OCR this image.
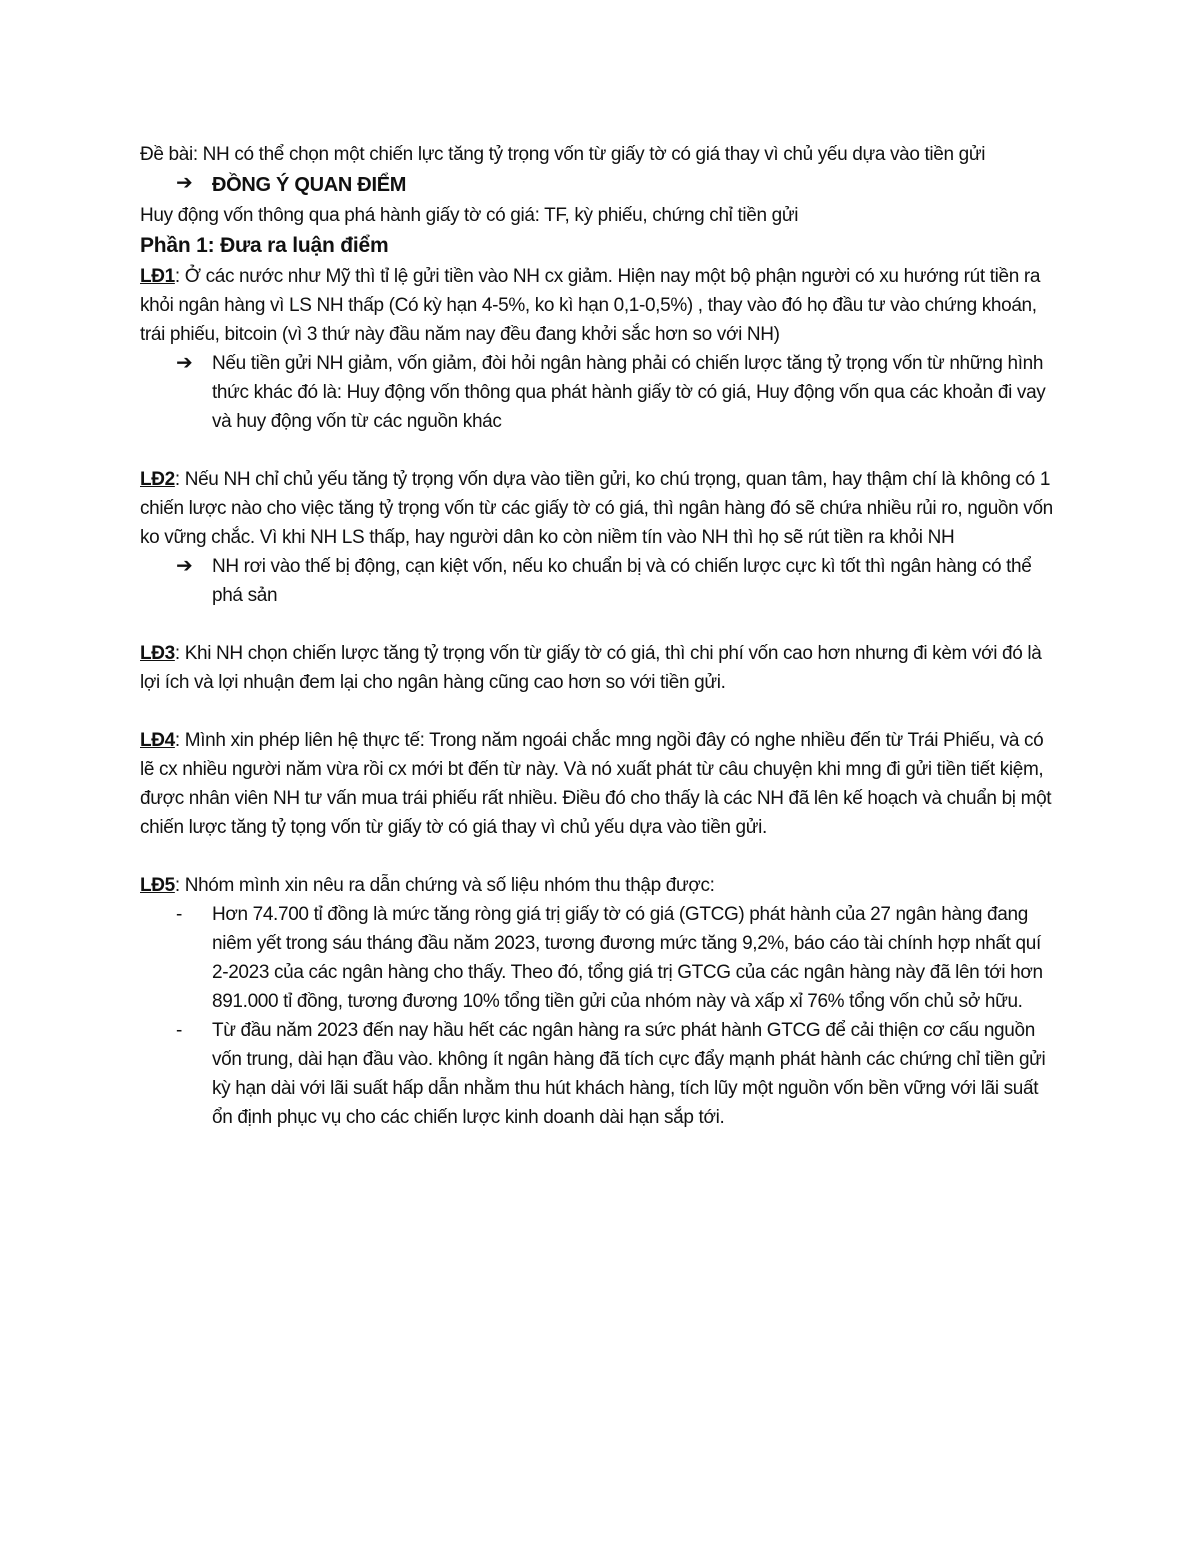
Đề bài: NH có thể chọn một chiến lực tăng tỷ trọng vốn từ giấy tờ có giá thay vì chủ yếu dựa vào tiền gửi

➔ ĐỒNG Ý QUAN ĐIỂM

Huy động vốn thông qua phá hành giấy tờ có giá: TF, kỳ phiếu, chứng chỉ tiền gửi

Phần 1: Đưa ra luận điểm

LĐ1: Ở các nước như Mỹ thì tỉ lệ gửi tiền vào NH cx giảm. Hiện nay một bộ phận người có xu hướng rút tiền ra khỏi ngân hàng vì LS NH thấp (Có kỳ hạn 4-5%, ko kì hạn 0,1-0,5%) , thay vào đó họ đầu tư vào chứng khoán, trái phiếu, bitcoin (vì 3 thứ này đầu năm nay đều đang khởi sắc hơn so với NH)

➔	Nếu tiền gửi NH giảm, vốn giảm, đòi hỏi ngân hàng phải có chiến lược tăng tỷ trọng vốn từ những hình thức khác đó là: Huy động vốn thông qua phát hành giấy tờ có giá, Huy động vốn qua các khoản đi vay và huy động vốn từ các nguồn khác

LĐ2: Nếu NH chỉ chủ yếu tăng tỷ trọng vốn dựa vào tiền gửi, ko chú trọng, quan tâm, hay thậm chí là không có 1 chiến lược nào cho việc tăng tỷ trọng vốn từ các giấy tờ có giá, thì ngân hàng đó sẽ chứa nhiều rủi ro, nguồn vốn ko vững chắc. Vì khi NH LS thấp, hay người dân ko còn niềm tín vào NH thì họ sẽ rút tiền ra khỏi NH

➔	NH rơi vào thế bị động, cạn kiệt vốn, nếu ko chuẩn bị và có chiến lược cực kì tốt thì ngân hàng có thể phá sản

LĐ3: Khi NH chọn chiến lược tăng tỷ trọng vốn từ giấy tờ có giá, thì chi phí vốn cao hơn nhưng đi kèm với đó là lợi ích và lợi nhuận đem lại cho ngân hàng cũng cao hơn so với tiền gửi.

LĐ4: Mình xin phép liên hệ thực tế: Trong năm ngoái chắc mng ngồi đây có nghe nhiều đến từ Trái Phiếu, và có lẽ cx nhiều người năm vừa rồi cx mới bt đến từ này. Và nó xuất phát từ câu chuyện khi mng đi gửi tiền tiết kiệm, được nhân viên NH tư vấn mua trái phiếu rất nhiều. Điều đó cho thấy là các NH đã lên kế hoạch và chuẩn bị một chiến lược tăng tỷ tọng vốn từ giấy tờ có giá thay vì chủ yếu dựa vào tiền gửi.

LĐ5: Nhóm mình xin nêu ra dẫn chứng và số liệu nhóm thu thập được:

-	Hơn 74.700 tỉ đồng là mức tăng ròng giá trị giấy tờ có giá (GTCG) phát hành của 27 ngân hàng đang niêm yết trong sáu tháng đầu năm 2023, tương đương mức tăng 9,2%, báo cáo tài chính hợp nhất quí 2-2023 của các ngân hàng cho thấy. Theo đó, tổng giá trị GTCG của các ngân hàng này đã lên tới hơn 891.000 tỉ đồng, tương đương 10% tổng tiền gửi của nhóm này và xấp xỉ 76% tổng vốn chủ sở hữu.
-	Từ đầu năm 2023 đến nay hầu hết các ngân hàng ra sức phát hành GTCG để cải thiện cơ cấu nguồn vốn trung, dài hạn đầu vào. không ít ngân hàng đã tích cực đẩy mạnh phát hành các chứng chỉ tiền gửi kỳ hạn dài với lãi suất hấp dẫn nhằm thu hút khách hàng, tích lũy một nguồn vốn bền vững với lãi suất ổn định phục vụ cho các chiến lược kinh doanh dài hạn sắp tới.
